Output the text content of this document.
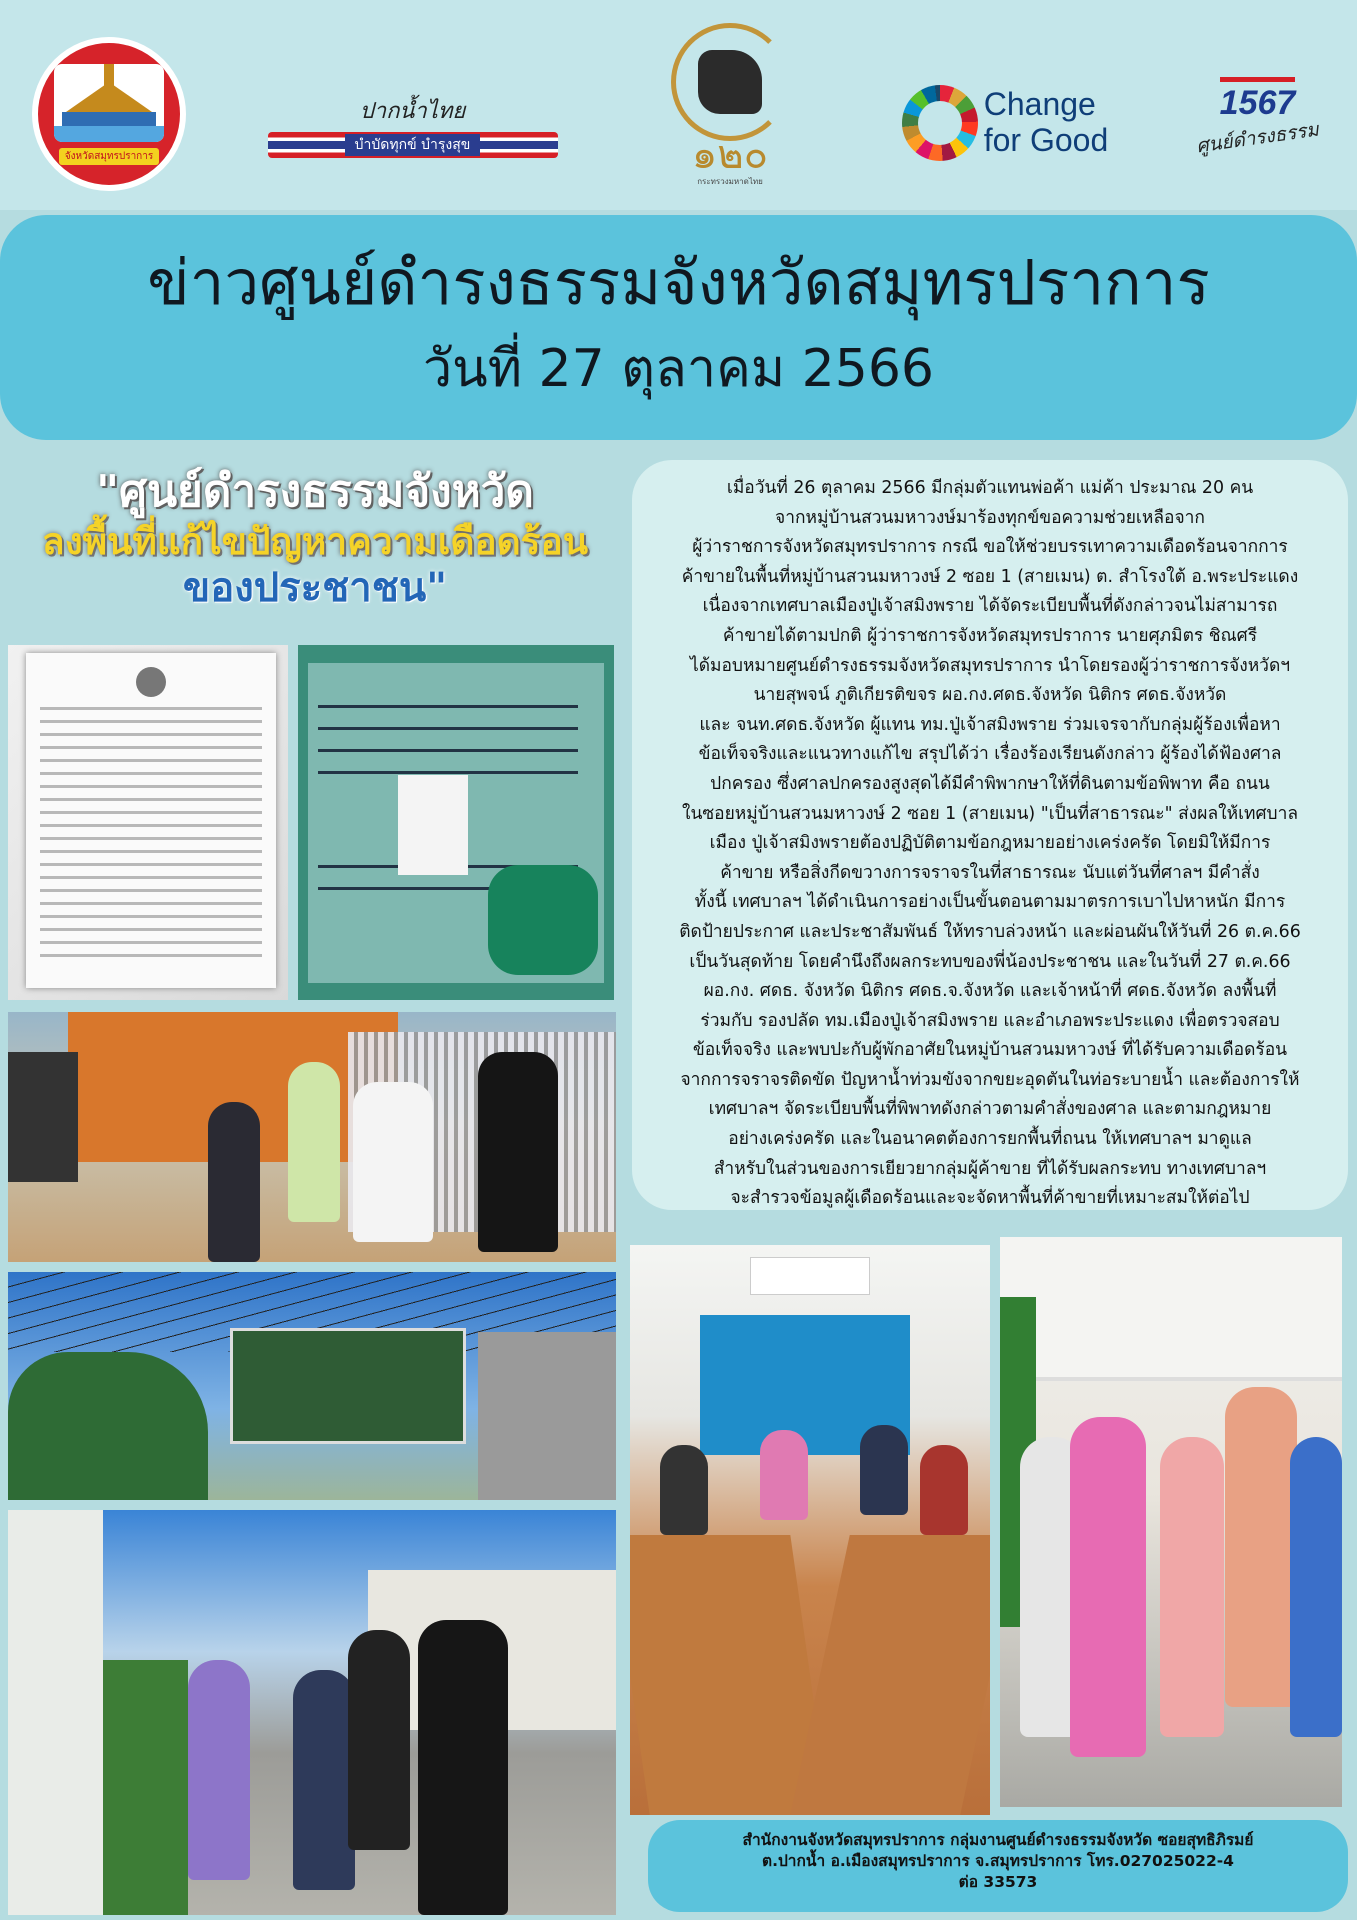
จังหวัดสมุทรปราการ
ปากน้ำไทย
บำบัดทุกข์ บำรุงสุข	๑๒๐
กระทรวงมหาดไทย
Change
for Good
1567
ศูนย์ดำรงธรรม
ข่าวศูนย์ดำรงธรรมจังหวัดสมุทรปราการ
วันที่ 27 ตุลาคม 2566
"ศูนย์ดำรงธรรมจังหวัด
ลงพื้นที่แก้ไขปัญหาความเดือดร้อน
ของประชาชน"

เมื่อวันที่ 26 ตุลาคม 2566 มีกลุ่มตัวแทนพ่อค้า แม่ค้า ประมาณ 20 คน

จากหมู่บ้านสวนมหาวงษ์มาร้องทุกข์ขอความช่วยเหลือจาก

ผู้ว่าราชการจังหวัดสมุทรปราการ กรณี ขอให้ช่วยบรรเทาความเดือดร้อนจากการ

ค้าขายในพื้นที่หมู่บ้านสวนมหาวงษ์ 2 ซอย 1 (สายเมน) ต. สำโรงใต้ อ.พระประแดง

เนื่องจากเทศบาลเมืองปู่เจ้าสมิงพราย ได้จัดระเบียบพื้นที่ดังกล่าวจนไม่สามารถ

ค้าขายได้ตามปกติ ผู้ว่าราชการจังหวัดสมุทรปราการ นายศุภมิตร ชิณศรี

ได้มอบหมายศูนย์ดำรงธรรมจังหวัดสมุทรปราการ นำโดยรองผู้ว่าราชการจังหวัดฯ

นายสุพจน์ ภูติเกียรติขจร ผอ.กง.ศดธ.จังหวัด นิติกร ศดธ.จังหวัด

และ จนท.ศดธ.จังหวัด ผู้แทน ทม.ปู่เจ้าสมิงพราย ร่วมเจรจากับกลุ่มผู้ร้องเพื่อหา

ข้อเท็จจริงและแนวทางแก้ไข สรุปได้ว่า เรื่องร้องเรียนดังกล่าว ผู้ร้องได้ฟ้องศาล

ปกครอง ซึ่งศาลปกครองสูงสุดได้มีคำพิพากษาให้ที่ดินตามข้อพิพาท คือ ถนน

ในซอยหมู่บ้านสวนมหาวงษ์ 2 ซอย 1 (สายเมน) "เป็นที่สาธารณะ" ส่งผลให้เทศบาล

เมือง ปู่เจ้าสมิงพรายต้องปฏิบัติตามข้อกฎหมายอย่างเคร่งครัด โดยมิให้มีการ

ค้าขาย หรือสิ่งกีดขวางการจราจรในที่สาธารณะ นับแต่วันที่ศาลฯ มีคำสั่ง

ทั้งนี้ เทศบาลฯ ได้ดำเนินการอย่างเป็นขั้นตอนตามมาตรการเบาไปหาหนัก มีการ

ติดป้ายประกาศ และประชาสัมพันธ์ ให้ทราบล่วงหน้า และผ่อนผันให้วันที่ 26 ต.ค.66

เป็นวันสุดท้าย โดยคำนึงถึงผลกระทบของพี่น้องประชาชน และในวันที่ 27 ต.ค.66

ผอ.กง. ศดธ. จังหวัด นิติกร ศดธ.จ.จังหวัด และเจ้าหน้าที่ ศดธ.จังหวัด ลงพื้นที่

ร่วมกับ รองปลัด ทม.เมืองปู่เจ้าสมิงพราย และอำเภอพระประแดง เพื่อตรวจสอบ

ข้อเท็จจริง และพบปะกับผู้พักอาศัยในหมู่บ้านสวนมหาวงษ์ ที่ได้รับความเดือดร้อน

จากการจราจรติดขัด ปัญหาน้ำท่วมขังจากขยะอุดตันในท่อระบายน้ำ และต้องการให้

เทศบาลฯ จัดระเบียบพื้นที่พิพาทดังกล่าวตามคำสั่งของศาล และตามกฎหมาย

อย่างเคร่งครัด และในอนาคตต้องการยกพื้นที่ถนน ให้เทศบาลฯ มาดูแล

สำหรับในส่วนของการเยียวยากลุ่มผู้ค้าขาย ที่ได้รับผลกระทบ ทางเทศบาลฯ

จะสำรวจข้อมูลผู้เดือดร้อนและจะจัดหาพื้นที่ค้าขายที่เหมาะสมให้ต่อไป

สำนักงานจังหวัดสมุทรปราการ กลุ่มงานศูนย์ดำรงธรรมจังหวัด ซอยสุทธิภิรมย์
ต.ปากน้ำ อ.เมืองสมุทรปราการ จ.สมุทรปราการ โทร.027025022-4
ต่อ 33573
